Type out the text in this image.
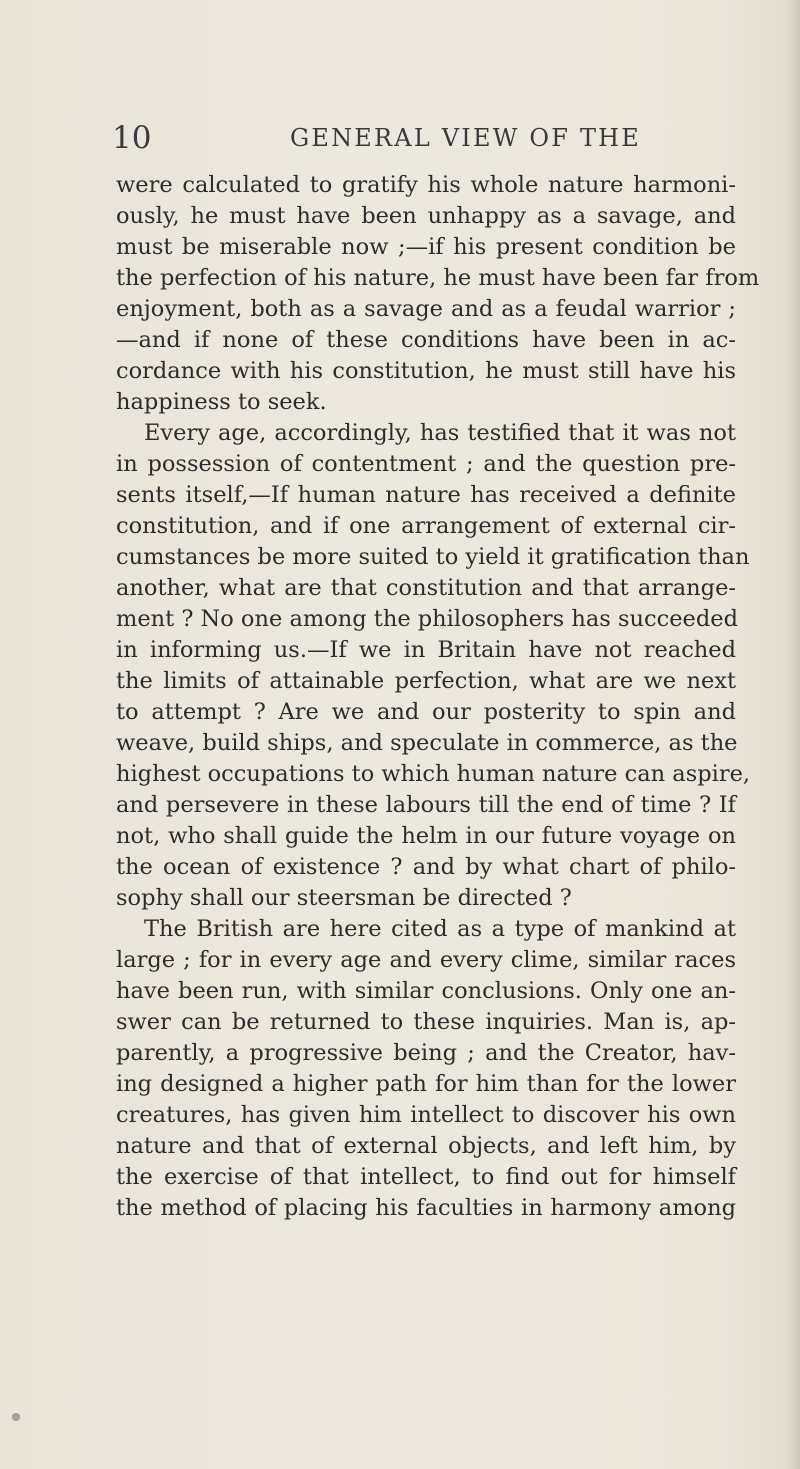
10	GENERAL VIEW OF THE
were calculated to gratify his whole nature harmoni-
ously, he must have been unhappy as a savage, and
must be miserable now ;—if his present condition be
the perfection of his nature, he must have been far from
enjoyment, both as a savage and as a feudal warrior ;
—and if none of these conditions have been in ac-
cordance with his constitution, he must still have his
happiness to seek.
Every age, accordingly, has testified that it was not
in possession of contentment ; and the question pre-
sents itself,—If human nature has received a definite
constitution, and if one arrangement of external cir-
cumstances be more suited to yield it gratification than
another, what are that constitution and that arrange-
ment ? No one among the philosophers has succeeded
in informing us.—If we in Britain have not reached
the limits of attainable perfection, what are we next
to attempt ? Are we and our posterity to spin and
weave, build ships, and speculate in commerce, as the
highest occupations to which human nature can aspire,
and persevere in these labours till the end of time ? If
not, who shall guide the helm in our future voyage on
the ocean of existence ? and by what chart of philo-
sophy shall our steersman be directed ?
The British are here cited as a type of mankind at
large ; for in every age and every clime, similar races
have been run, with similar conclusions. Only one an-
swer can be returned to these inquiries. Man is, ap-
parently, a progressive being ; and the Creator, hav-
ing designed a higher path for him than for the lower
creatures, has given him intellect to discover his own
nature and that of external objects, and left him, by
the exercise of that intellect, to find out for himself
the method of placing his faculties in harmony among
